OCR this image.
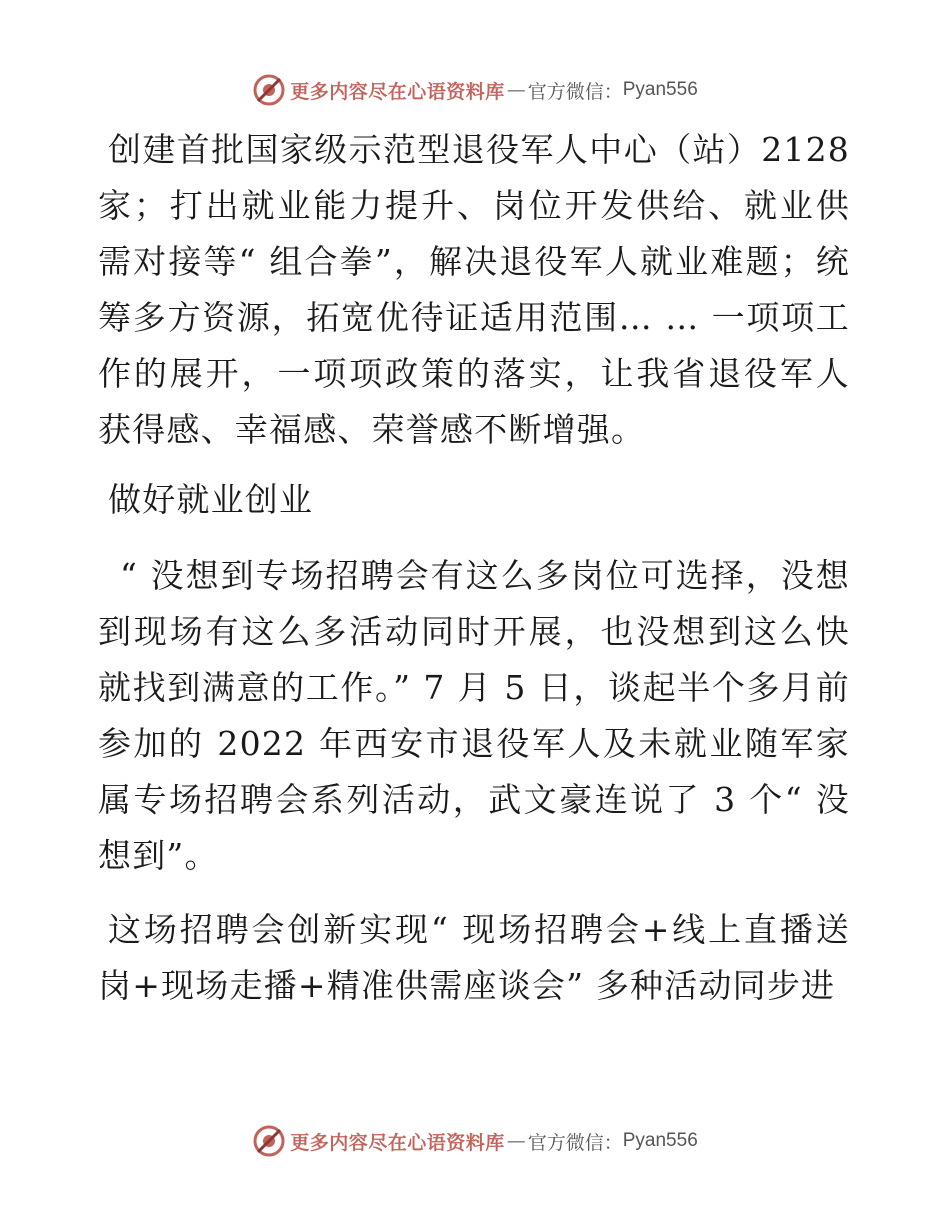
更多内容尽在心语资料库 — 官方微信： Pyan556

创建首批国家级示范型退役军人中心（站）2128家；打出就业能力提升、岗位开发供给、就业供需对接等“ 组合拳”，解决退役军人就业难题；统筹多方资源，拓宽优待证适用范围… … 一项项工作的展开，一项项政策的落实，让我省退役军人获得感、幸福感、荣誉感不断增强。

做好就业创业

“ 没想到专场招聘会有这么多岗位可选择，没想到现场有这么多活动同时开展，也没想到这么快就找到满意的工作。” 7 月 5 日，谈起半个多月前参加的 2022 年西安市退役军人及未就业随军家属专场招聘会系列活动，武文豪连说了 3 个“ 没想到”。

这场招聘会创新实现“ 现场招聘会+线上直播送岗+现场走播+精准供需座谈会” 多种活动同步进

更多内容尽在心语资料库 — 官方微信： Pyan556
